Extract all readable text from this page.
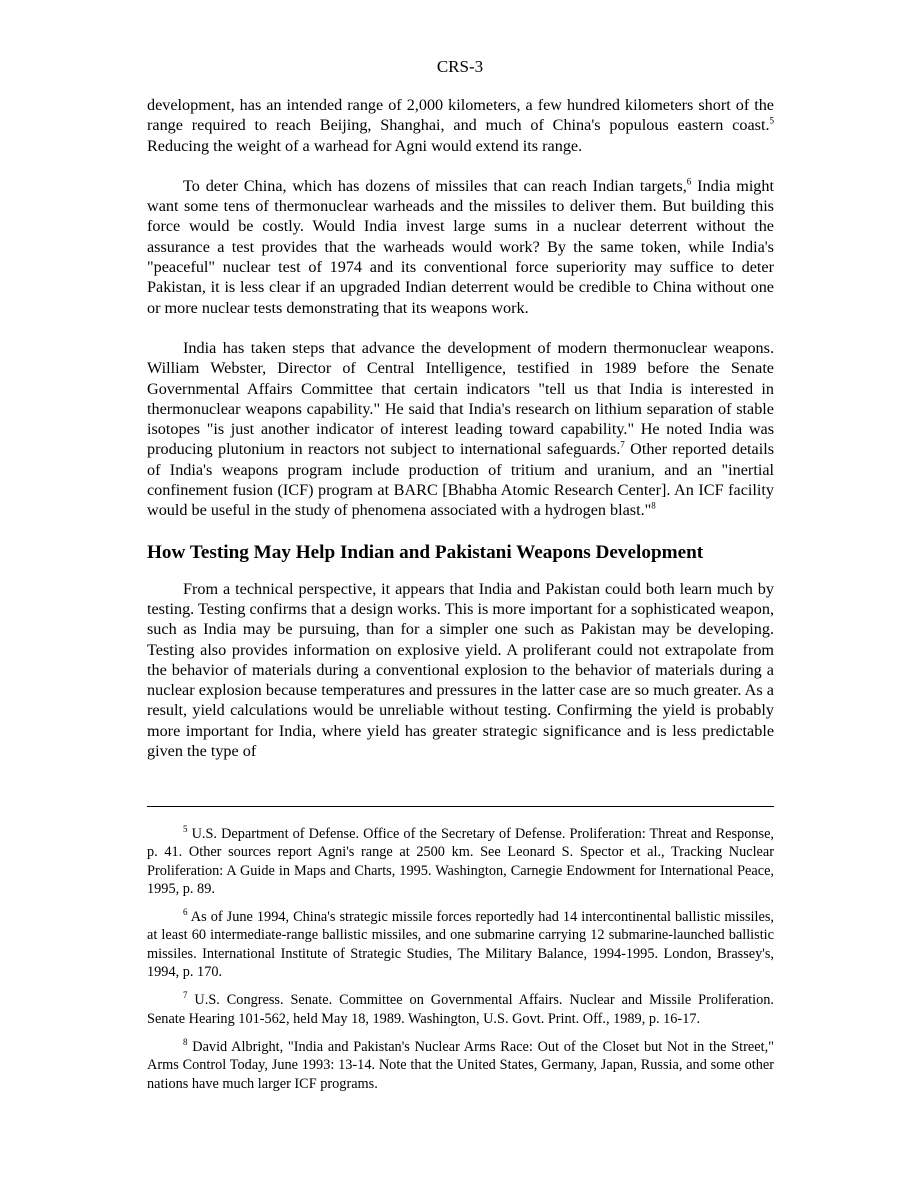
CRS-3

development, has an intended range of 2,000 kilometers, a few hundred kilometers short of the range required to reach Beijing, Shanghai, and much of China's populous eastern coast.$^5$ Reducing the weight of a warhead for Agni would extend its range.

To deter China, which has dozens of missiles that can reach Indian targets,$^6$ India might want some tens of thermonuclear warheads and the missiles to deliver them. But building this force would be costly. Would India invest large sums in a nuclear deterrent without the assurance a test provides that the warheads would work? By the same token, while India's "peaceful" nuclear test of 1974 and its conventional force superiority may suffice to deter Pakistan, it is less clear if an upgraded Indian deterrent would be credible to China without one or more nuclear tests demonstrating that its weapons work.

India has taken steps that advance the development of modern thermonuclear weapons. William Webster, Director of Central Intelligence, testified in 1989 before the Senate Governmental Affairs Committee that certain indicators "tell us that India is interested in thermonuclear weapons capability." He said that India's research on lithium separation of stable isotopes "is just another indicator of interest leading toward capability." He noted India was producing plutonium in reactors not subject to international safeguards.$^7$ Other reported details of India's weapons program include production of tritium and uranium, and an "inertial confinement fusion (ICF) program at BARC [Bhabha Atomic Research Center]. An ICF facility would be useful in the study of phenomena associated with a hydrogen blast."$^8$

How Testing May Help Indian and Pakistani Weapons Development

From a technical perspective, it appears that India and Pakistan could both learn much by testing. Testing confirms that a design works. This is more important for a sophisticated weapon, such as India may be pursuing, than for a simpler one such as Pakistan may be developing. Testing also provides information on explosive yield. A proliferant could not extrapolate from the behavior of materials during a conventional explosion to the behavior of materials during a nuclear explosion because temperatures and pressures in the latter case are so much greater. As a result, yield calculations would be unreliable without testing. Confirming the yield is probably more important for India, where yield has greater strategic significance and is less predictable given the type of

$^5$ U.S. Department of Defense. Office of the Secretary of Defense. Proliferation: Threat and Response, p. 41. Other sources report Agni's range at 2500 km. See Leonard S. Spector et al., Tracking Nuclear Proliferation: A Guide in Maps and Charts, 1995. Washington, Carnegie Endowment for International Peace, 1995, p. 89.

$^6$ As of June 1994, China's strategic missile forces reportedly had 14 intercontinental ballistic missiles, at least 60 intermediate-range ballistic missiles, and one submarine carrying 12 submarine-launched ballistic missiles. International Institute of Strategic Studies, The Military Balance, 1994-1995. London, Brassey's, 1994, p. 170.

$^7$ U.S. Congress. Senate. Committee on Governmental Affairs. Nuclear and Missile Proliferation. Senate Hearing 101-562, held May 18, 1989. Washington, U.S. Govt. Print. Off., 1989, p. 16-17.

$^8$ David Albright, "India and Pakistan's Nuclear Arms Race: Out of the Closet but Not in the Street," Arms Control Today, June 1993: 13-14. Note that the United States, Germany, Japan, Russia, and some other nations have much larger ICF programs.
